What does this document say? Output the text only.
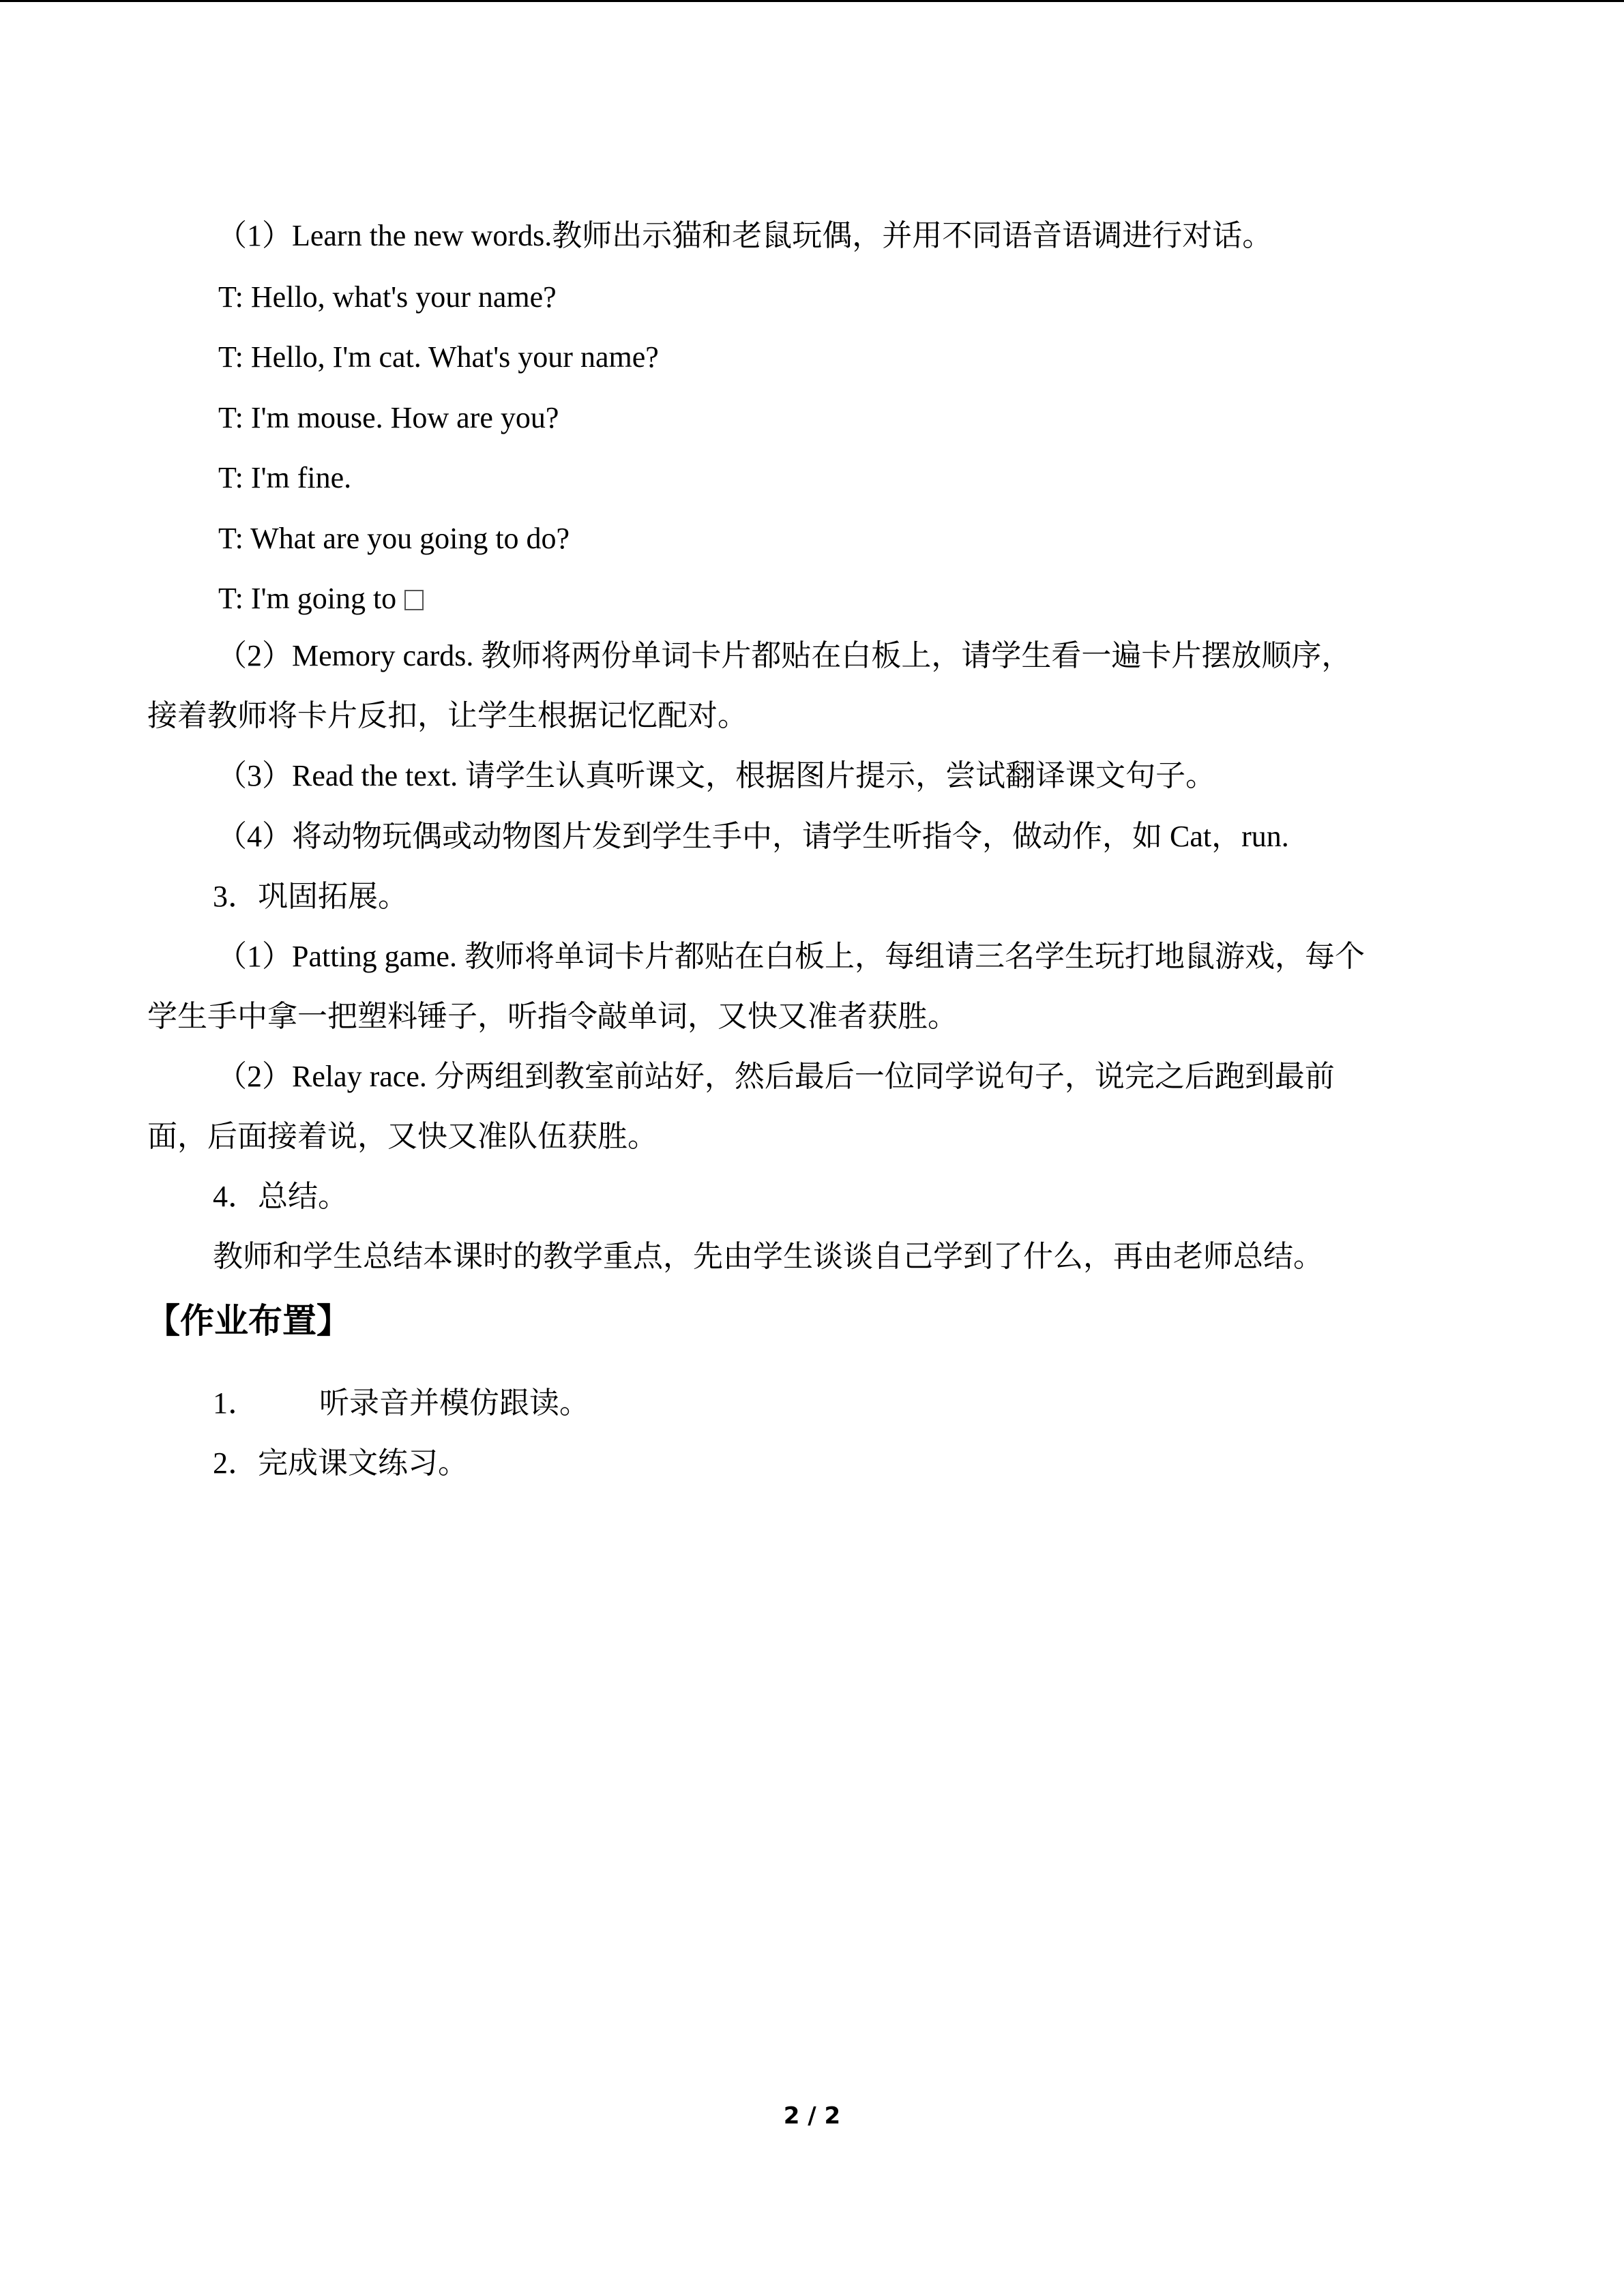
（1）Learn the new words.教师出示猫和老鼠玩偶，并用不同语音语调进行对话。
T: Hello, what's your name?
T: Hello, I'm cat. What's your name?
T: I'm mouse. How are you?
T: I'm fine.
T: What are you going to do?
T: I'm going to
（2）Memory cards. 教师将两份单词卡片都贴在白板上，请学生看一遍卡片摆放顺序，
接着教师将卡片反扣，让学生根据记忆配对。
（3）Read the text. 请学生认真听课文，根据图片提示，尝试翻译课文句子。
（4）将动物玩偶或动物图片发到学生手中，请学生听指令，做动作，如 Cat，run.
3．巩固拓展。
（1）Patting game. 教师将单词卡片都贴在白板上，每组请三名学生玩打地鼠游戏，每个
学生手中拿一把塑料锤子，听指令敲单词，又快又准者获胜。
（2）Relay race. 分两组到教室前站好，然后最后一位同学说句子，说完之后跑到最前
面，后面接着说，又快又准队伍获胜。
4．总结。
教师和学生总结本课时的教学重点，先由学生谈谈自己学到了什么，再由老师总结。
【作业布置】
1． 听录音并模仿跟读。
2．完成课文练习。
2 / 2
